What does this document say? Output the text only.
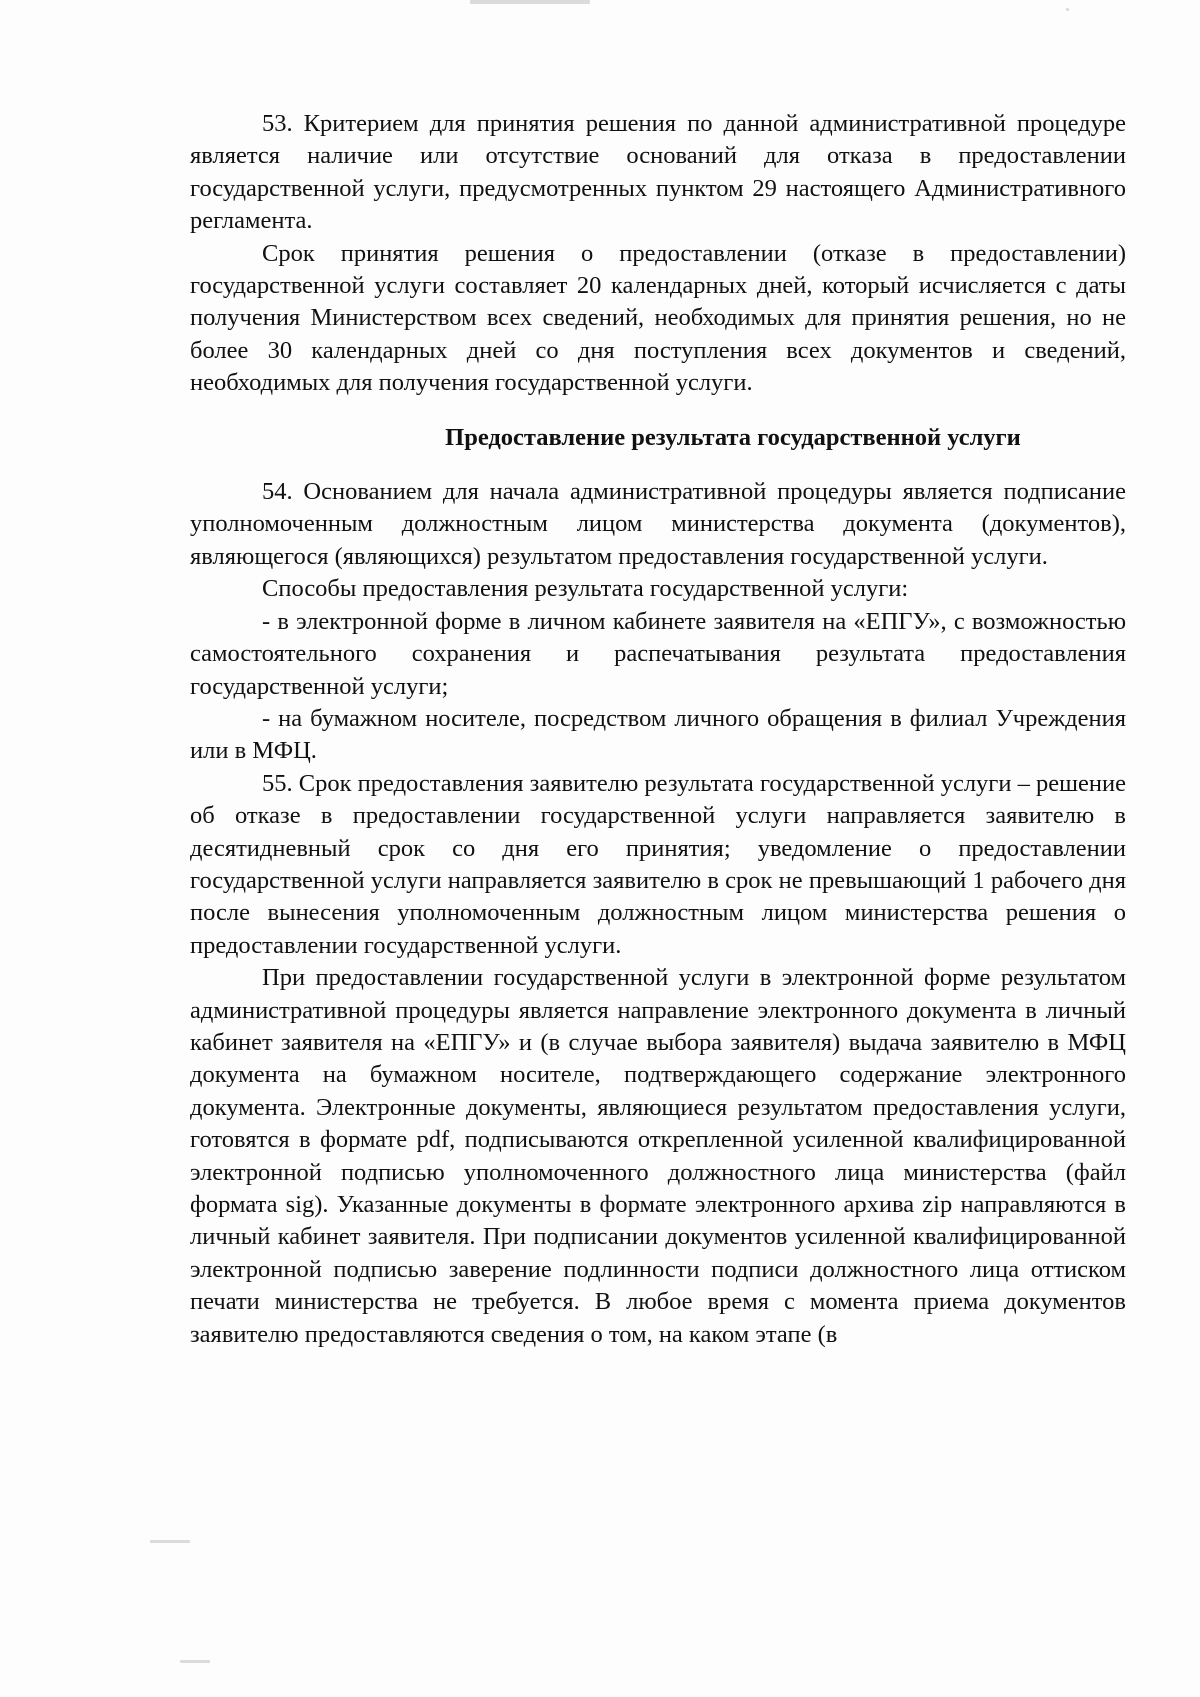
53. Критерием для принятия решения по данной административной процедуре является наличие или отсутствие оснований для отказа в предоставлении государственной услуги, предусмотренных пунктом 29 настоящего Административного регламента.

Срок принятия решения о предоставлении (отказе в предоставлении) государственной услуги составляет 20 календарных дней, который исчисляется с даты получения Министерством всех сведений, необходимых для принятия решения, но не более 30 календарных дней со дня поступления всех документов и сведений, необходимых для получения государственной услуги.

Предоставление результата государственной услуги

54. Основанием для начала административной процедуры является подписание уполномоченным должностным лицом министерства документа (документов), являющегося (являющихся) результатом предоставления государственной услуги.

Способы предоставления результата государственной услуги:

- в электронной форме в личном кабинете заявителя на «ЕПГУ», с возможностью самостоятельного сохранения и распечатывания результата предоставления государственной услуги;

- на бумажном носителе, посредством личного обращения в филиал Учреждения или в МФЦ.

55. Срок предоставления заявителю результата государственной услуги – решение об отказе в предоставлении государственной услуги направляется заявителю в десятидневный срок со дня его принятия; уведомление о предоставлении государственной услуги направляется заявителю в срок не превышающий 1 рабочего дня после вынесения уполномоченным должностным лицом министерства решения о предоставлении государственной услуги.

При предоставлении государственной услуги в электронной форме результатом административной процедуры является направление электронного документа в личный кабинет заявителя на «ЕПГУ» и (в случае выбора заявителя) выдача заявителю в МФЦ документа на бумажном носителе, подтверждающего содержание электронного документа. Электронные документы, являющиеся результатом предоставления услуги, готовятся в формате pdf, подписываются открепленной усиленной квалифицированной электронной подписью уполномоченного должностного лица министерства (файл формата sig). Указанные документы в формате электронного архива zip направляются в личный кабинет заявителя. При подписании документов усиленной квалифицированной электронной подписью заверение подлинности подписи должностного лица оттиском печати министерства не требуется. В любое время с момента приема документов заявителю предоставляются сведения о том, на каком этапе (в
